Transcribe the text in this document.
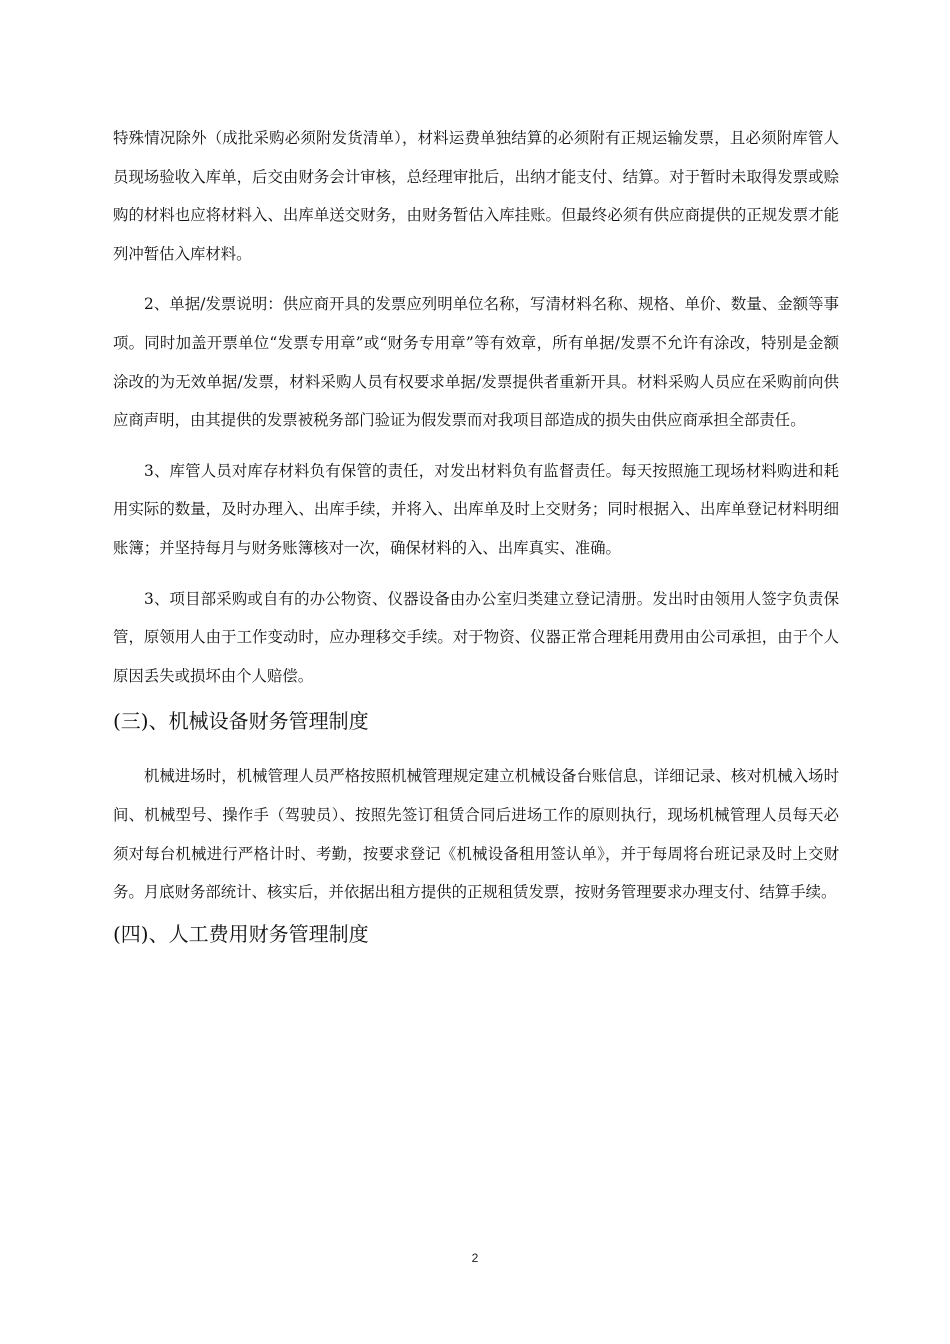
特殊情况除外（成批采购必须附发货清单），材料运费单独结算的必须附有正规运输发票，且必须附库管人员现场验收入库单，后交由财务会计审核，总经理审批后，出纳才能支付、结算。对于暂时未取得发票或赊购的材料也应将材料入、出库单送交财务，由财务暂估入库挂账。但最终必须有供应商提供的正规发票才能列冲暂估入库材料。

2、单据/发票说明：供应商开具的发票应列明单位名称，写清材料名称、规格、单价、数量、金额等事项。同时加盖开票单位“发票专用章”或“财务专用章”等有效章，所有单据/发票不允许有涂改，特别是金额涂改的为无效单据/发票，材料采购人员有权要求单据/发票提供者重新开具。材料采购人员应在采购前向供应商声明，由其提供的发票被税务部门验证为假发票而对我项目部造成的损失由供应商承担全部责任。

3、库管人员对库存材料负有保管的责任，对发出材料负有监督责任。每天按照施工现场材料购进和耗用实际的数量，及时办理入、出库手续，并将入、出库单及时上交财务；同时根据入、出库单登记材料明细账簿；并坚持每月与财务账簿核对一次，确保材料的入、出库真实、准确。

3、项目部采购或自有的办公物资、仪器设备由办公室归类建立登记清册。发出时由领用人签字负责保管，原领用人由于工作变动时，应办理移交手续。对于物资、仪器正常合理耗用费用由公司承担，由于个人原因丢失或损坏由个人赔偿。

(三)、机械设备财务管理制度

机械进场时，机械管理人员严格按照机械管理规定建立机械设备台账信息，详细记录、核对机械入场时间、机械型号、操作手（驾驶员）、按照先签订租赁合同后进场工作的原则执行，现场机械管理人员每天必须对每台机械进行严格计时、考勤，按要求登记《机械设备租用签认单》，并于每周将台班记录及时上交财务。月底财务部统计、核实后，并依据出租方提供的正规租赁发票，按财务管理要求办理支付、结算手续。

(四)、人工费用财务管理制度
2
